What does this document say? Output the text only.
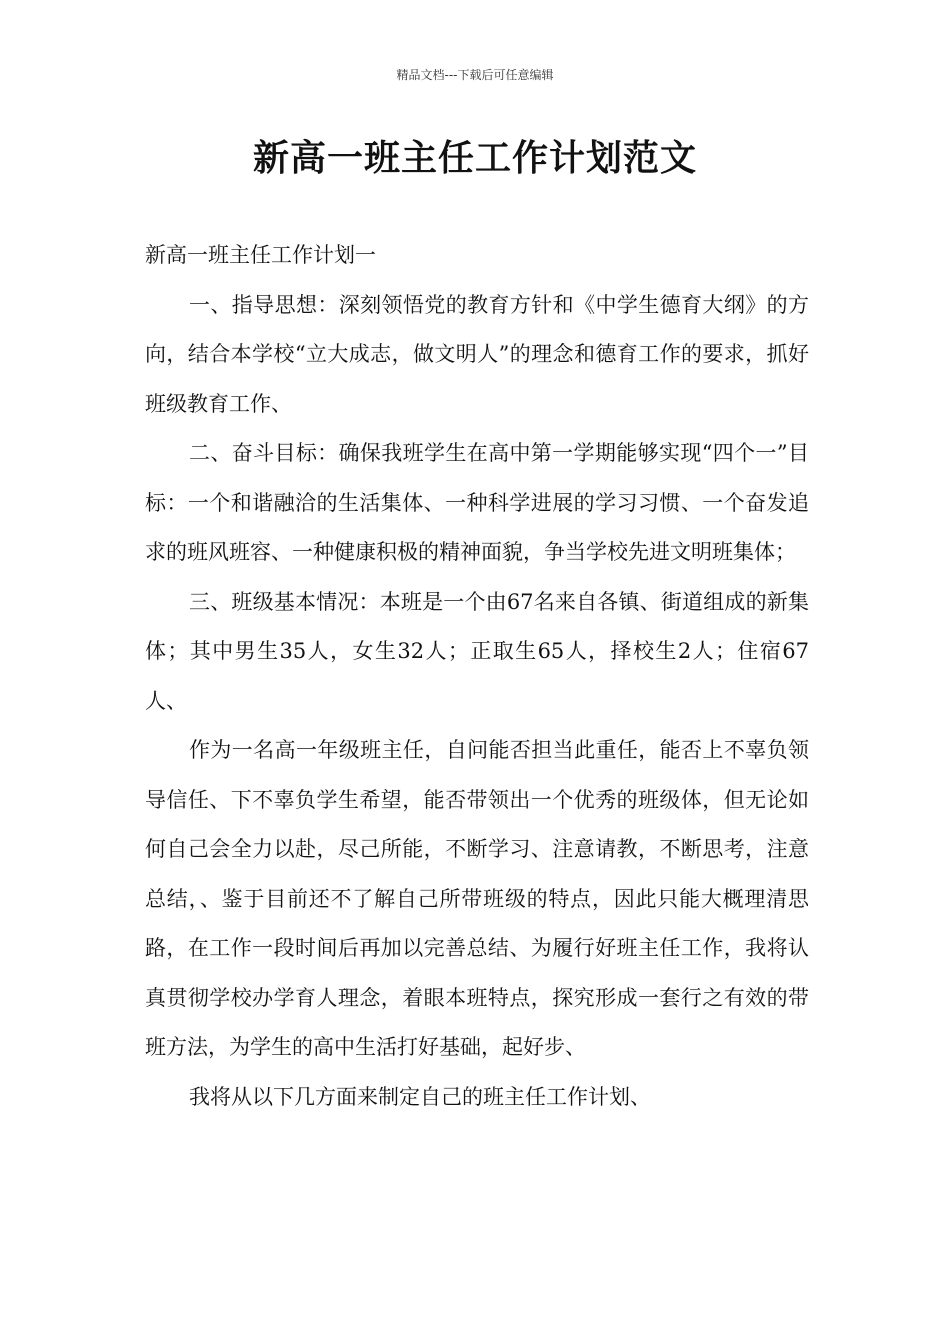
精品文档---下载后可任意编辑
新高一班主任工作计划范文

新高一班主任工作计划一

一、指导思想：深刻领悟党的教育方针和《中学生德育大纲》的方向，结合本学校“立大成志，做文明人”的理念和德育工作的要求，抓好班级教育工作、

二、奋斗目标：确保我班学生在高中第一学期能够实现“四个一”目标：一个和谐融洽的生活集体、一种科学进展的学习习惯、一个奋发追求的班风班容、一种健康积极的精神面貌，争当学校先进文明班集体；

三、班级基本情况：本班是一个由67名来自各镇、街道组成的新集体；其中男生35人，女生32人；正取生65人，择校生2人；住宿67人、

作为一名高一年级班主任，自问能否担当此重任，能否上不辜负领导信任、下不辜负学生希望，能否带领出一个优秀的班级体，但无论如何自己会全力以赴，尽己所能，不断学习、注意请教，不断思考，注意总结，、鉴于目前还不了解自己所带班级的特点，因此只能大概理清思路，在工作一段时间后再加以完善总结、为履行好班主任工作，我将认真贯彻学校办学育人理念，着眼本班特点，探究形成一套行之有效的带班方法，为学生的高中生活打好基础，起好步、

我将从以下几方面来制定自己的班主任工作计划、
